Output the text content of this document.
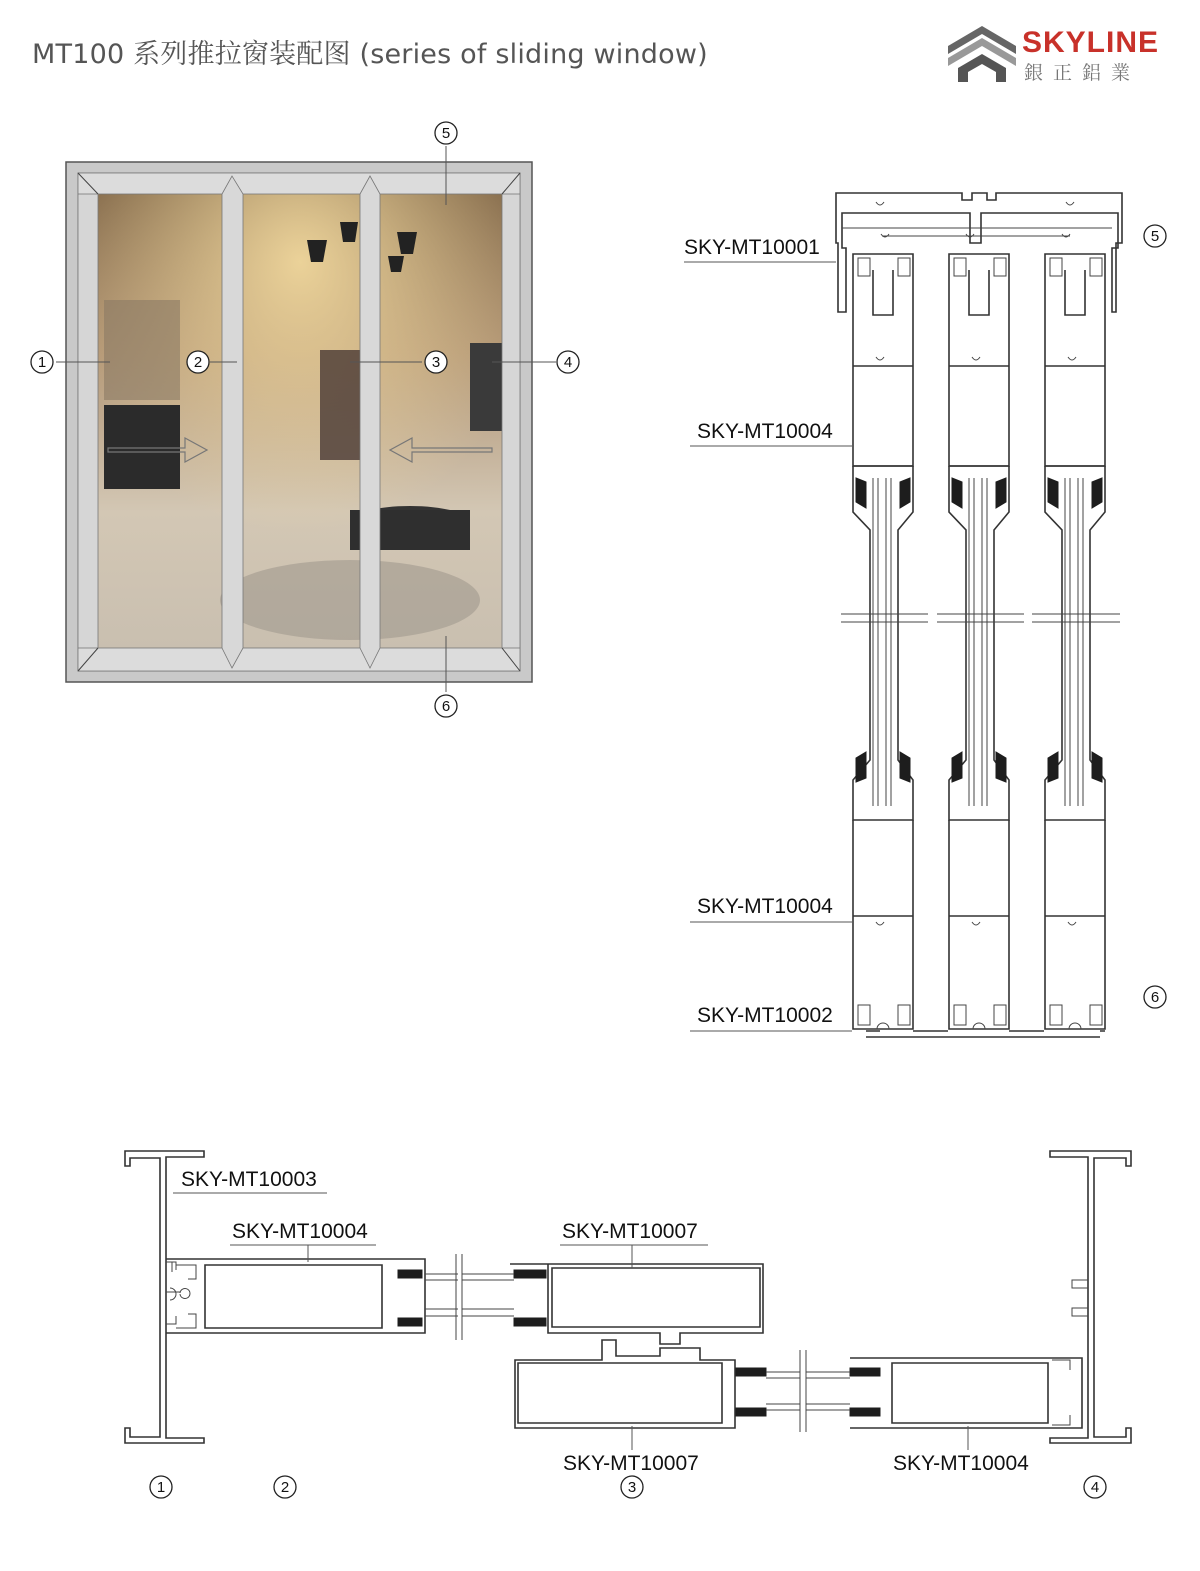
MT100 系列推拉窗装配图 (series of sliding window)	SKYLINE
銀正鋁業
1	2	3	4
5
6
SKY-MT10001
SKY-MT10004
SKY-MT10004
SKY-MT10002
5
6
SKY-MT10003
SKY-MT10004	SKY-MT10007
SKY-MT10007	SKY-MT10004
1	2	3	4
